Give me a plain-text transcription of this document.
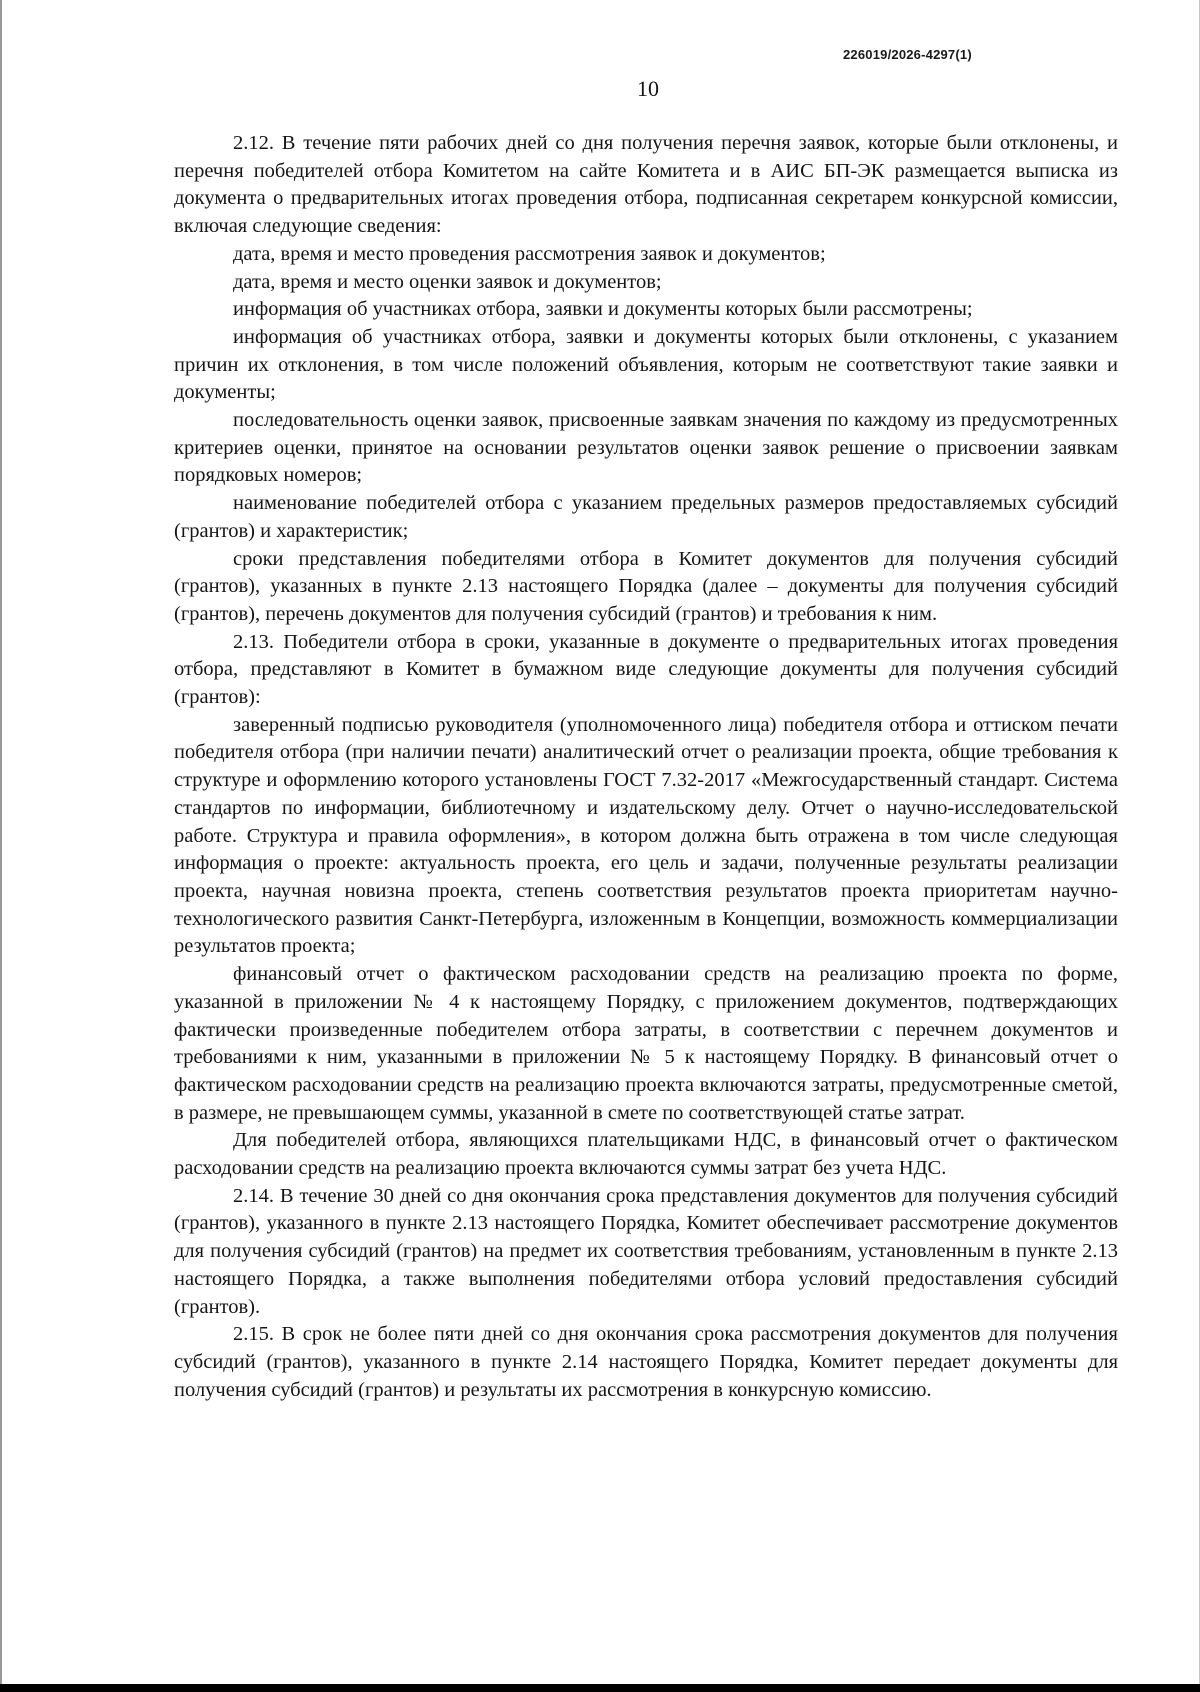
226019/2026-4297(1)
10

2.12. В течение пяти рабочих дней со дня получения перечня заявок, которые были отклонены, и перечня победителей отбора Комитетом на сайте Комитета и в АИС БП-ЭК размещается выписка из документа о предварительных итогах проведения отбора, подписанная секретарем конкурсной комиссии, включая следующие сведения:

дата, время и место проведения рассмотрения заявок и документов;

дата, время и место оценки заявок и документов;

информация об участниках отбора, заявки и документы которых были рассмотрены;

информация об участниках отбора, заявки и документы которых были отклонены, с указанием причин их отклонения, в том числе положений объявления, которым не соответствуют такие заявки и документы;

последовательность оценки заявок, присвоенные заявкам значения по каждому из предусмотренных критериев оценки, принятое на основании результатов оценки заявок решение о присвоении заявкам порядковых номеров;

наименование победителей отбора с указанием предельных размеров предоставляемых субсидий (грантов) и характеристик;

сроки представления победителями отбора в Комитет документов для получения субсидий (грантов), указанных в пункте 2.13 настоящего Порядка (далее – документы для получения субсидий (грантов), перечень документов для получения субсидий (грантов) и требования к ним.

2.13. Победители отбора в сроки, указанные в документе о предварительных итогах проведения отбора, представляют в Комитет в бумажном виде следующие документы для получения субсидий (грантов):

заверенный подписью руководителя (уполномоченного лица) победителя отбора и оттиском печати победителя отбора (при наличии печати) аналитический отчет о реализации проекта, общие требования к структуре и оформлению которого установлены ГОСТ 7.32-2017 «Межгосударственный стандарт. Система стандартов по информации, библиотечному и издательскому делу. Отчет о научно-исследовательской работе. Структура и правила оформления», в котором должна быть отражена в том числе следующая информация о проекте: актуальность проекта, его цель и задачи, полученные результаты реализации проекта, научная новизна проекта, степень соответствия результатов проекта приоритетам научно-технологического развития Санкт-Петербурга, изложенным в Концепции, возможность коммерциализации результатов проекта;

финансовый отчет о фактическом расходовании средств на реализацию проекта по форме, указанной в приложении № 4 к настоящему Порядку, с приложением документов, подтверждающих фактически произведенные победителем отбора затраты, в соответствии с перечнем документов и требованиями к ним, указанными в приложении № 5 к настоящему Порядку. В финансовый отчет о фактическом расходовании средств на реализацию проекта включаются затраты, предусмотренные сметой, в размере, не превышающем суммы, указанной в смете по соответствующей статье затрат.

Для победителей отбора, являющихся плательщиками НДС, в финансовый отчет о фактическом расходовании средств на реализацию проекта включаются суммы затрат без учета НДС.

2.14. В течение 30 дней со дня окончания срока представления документов для получения субсидий (грантов), указанного в пункте 2.13 настоящего Порядка, Комитет обеспечивает рассмотрение документов для получения субсидий (грантов) на предмет их соответствия требованиям, установленным в пункте 2.13 настоящего Порядка, а также выполнения победителями отбора условий предоставления субсидий (грантов).

2.15. В срок не более пяти дней со дня окончания срока рассмотрения документов для получения субсидий (грантов), указанного в пункте 2.14 настоящего Порядка, Комитет передает документы для получения субсидий (грантов) и результаты их рассмотрения в конкурсную комиссию.
